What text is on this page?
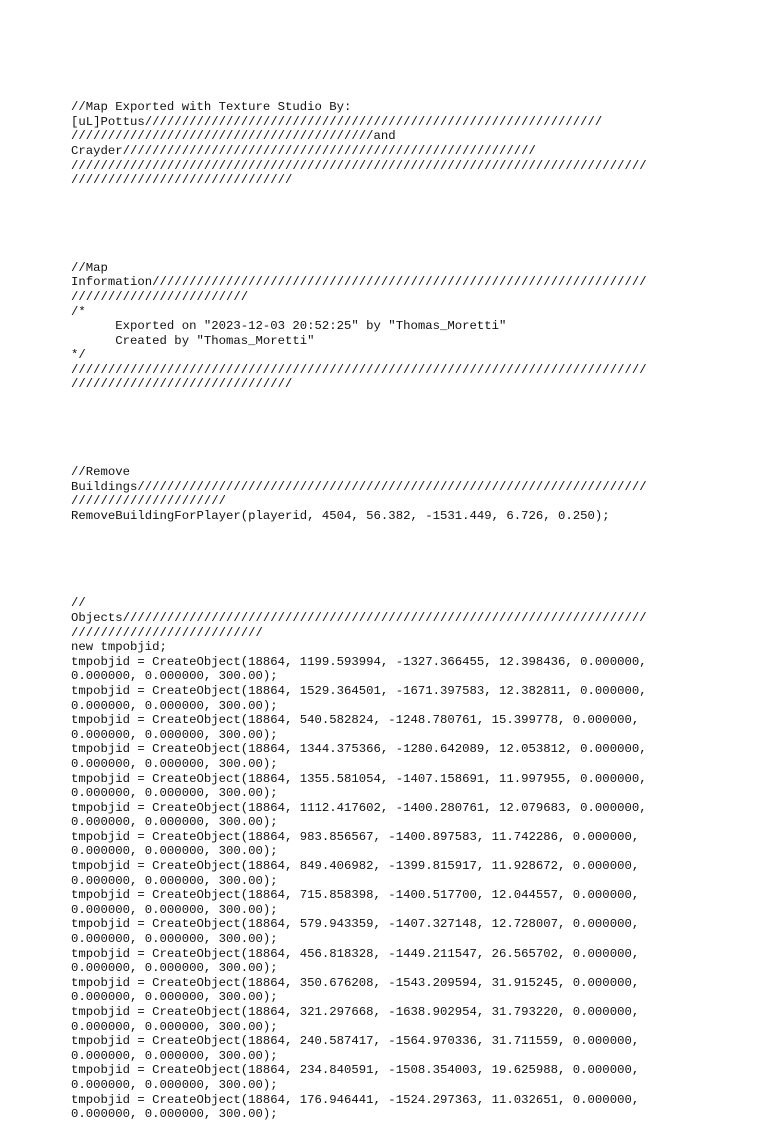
//Map Exported with Texture Studio By:
[uL]Pottus//////////////////////////////////////////////////////////////
/////////////////////////////////////////and
Crayder////////////////////////////////////////////////////////
//////////////////////////////////////////////////////////////////////////////
//////////////////////////////

//Map
Information///////////////////////////////////////////////////////////////////
////////////////////////
/*
Exported on "2023-12-03 20:52:25" by "Thomas_Moretti"
Created by "Thomas_Moretti"
*/
//////////////////////////////////////////////////////////////////////////////
//////////////////////////////

//Remove
Buildings/////////////////////////////////////////////////////////////////////
/////////////////////
RemoveBuildingForPlayer(playerid, 4504, 56.382, -1531.449, 6.726, 0.250);

//
Objects///////////////////////////////////////////////////////////////////////
//////////////////////////
new tmpobjid;
tmpobjid = CreateObject(18864, 1199.593994, -1327.366455, 12.398436, 0.000000,
0.000000, 0.000000, 300.00);
tmpobjid = CreateObject(18864, 1529.364501, -1671.397583, 12.382811, 0.000000,
0.000000, 0.000000, 300.00);
tmpobjid = CreateObject(18864, 540.582824, -1248.780761, 15.399778, 0.000000,
0.000000, 0.000000, 300.00);
tmpobjid = CreateObject(18864, 1344.375366, -1280.642089, 12.053812, 0.000000,
0.000000, 0.000000, 300.00);
tmpobjid = CreateObject(18864, 1355.581054, -1407.158691, 11.997955, 0.000000,
0.000000, 0.000000, 300.00);
tmpobjid = CreateObject(18864, 1112.417602, -1400.280761, 12.079683, 0.000000,
0.000000, 0.000000, 300.00);
tmpobjid = CreateObject(18864, 983.856567, -1400.897583, 11.742286, 0.000000,
0.000000, 0.000000, 300.00);
tmpobjid = CreateObject(18864, 849.406982, -1399.815917, 11.928672, 0.000000,
0.000000, 0.000000, 300.00);
tmpobjid = CreateObject(18864, 715.858398, -1400.517700, 12.044557, 0.000000,
0.000000, 0.000000, 300.00);
tmpobjid = CreateObject(18864, 579.943359, -1407.327148, 12.728007, 0.000000,
0.000000, 0.000000, 300.00);
tmpobjid = CreateObject(18864, 456.818328, -1449.211547, 26.565702, 0.000000,
0.000000, 0.000000, 300.00);
tmpobjid = CreateObject(18864, 350.676208, -1543.209594, 31.915245, 0.000000,
0.000000, 0.000000, 300.00);
tmpobjid = CreateObject(18864, 321.297668, -1638.902954, 31.793220, 0.000000,
0.000000, 0.000000, 300.00);
tmpobjid = CreateObject(18864, 240.587417, -1564.970336, 31.711559, 0.000000,
0.000000, 0.000000, 300.00);
tmpobjid = CreateObject(18864, 234.840591, -1508.354003, 19.625988, 0.000000,
0.000000, 0.000000, 300.00);
tmpobjid = CreateObject(18864, 176.946441, -1524.297363, 11.032651, 0.000000,
0.000000, 0.000000, 300.00);
